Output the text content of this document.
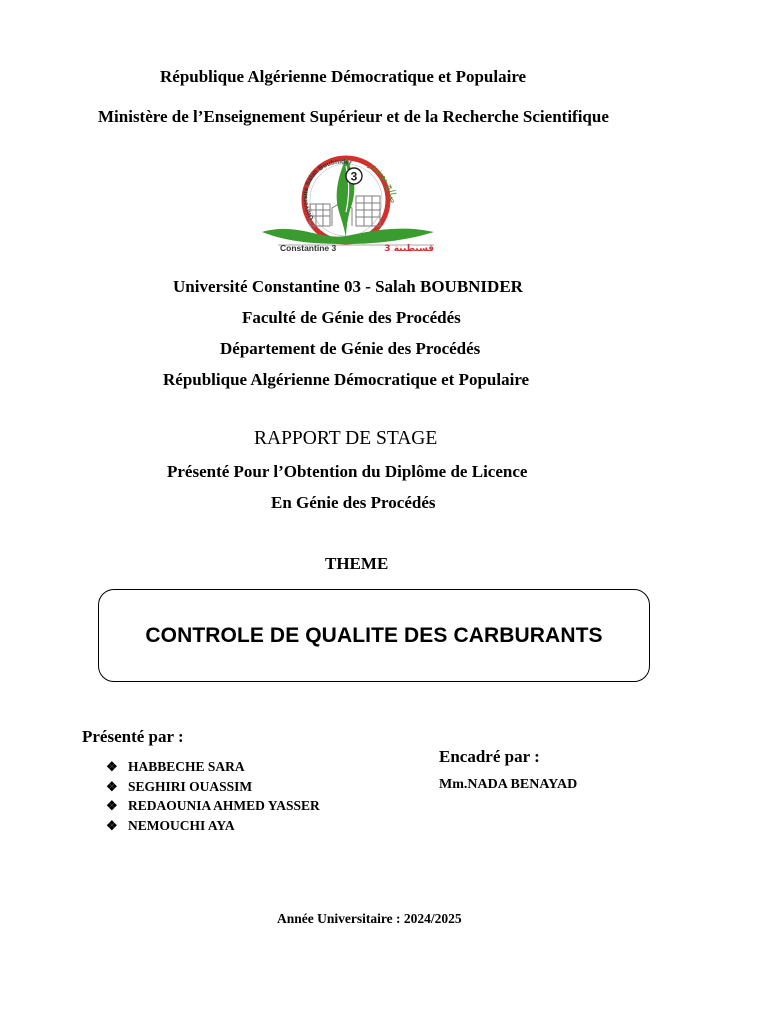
République Algérienne Démocratique et Populaire
Ministère de l’Enseignement Supérieur et de la Recherche Scientifique
3
Université Salah Boubnider
صالح بوبنيدر
Constantine 3	قسنطينة 3
Université Constantine 03 - Salah BOUBNIDER
Faculté de Génie des Procédés
Département de Génie des Procédés
République Algérienne Démocratique et Populaire
RAPPORT DE STAGE
Présenté Pour l’Obtention du Diplôme de Licence
En Génie des Procédés
THEME
CONTROLE DE QUALITE DES CARBURANTS
Présenté par :
❖ HABBECHE SARA
❖ SEGHIRI OUASSIM
❖ REDAOUNIA AHMED YASSER
❖ NEMOUCHI AYA
Encadré par :
Mm.NADA BENAYAD
Année Universitaire : 2024/2025
